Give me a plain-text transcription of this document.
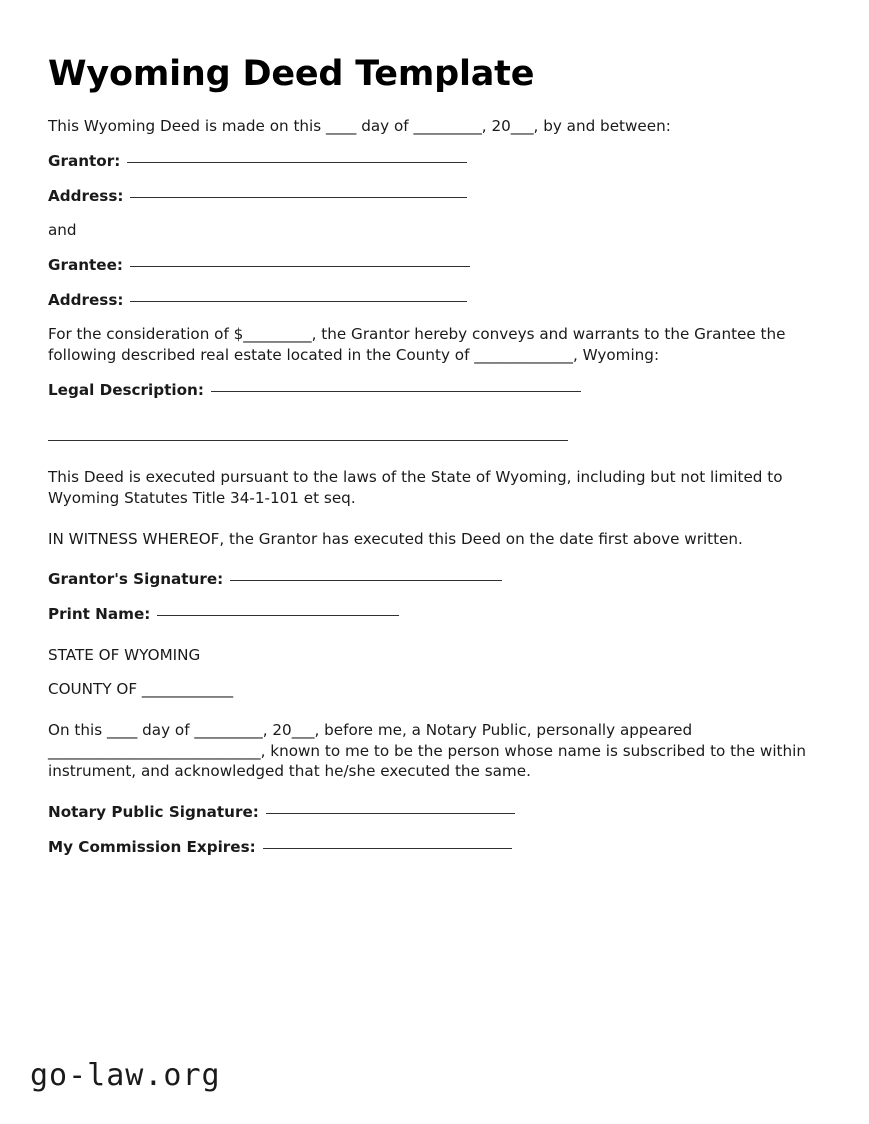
Wyoming Deed Template

This Wyoming Deed is made on this ____ day of _________, 20___, by and between:

Grantor:
Address:

and

Grantee:
Address:

For the consideration of $_________, the Grantor hereby conveys and warrants to the Grantee the following described real estate located in the County of _____________, Wyoming:

Legal Description:

This Deed is executed pursuant to the laws of the State of Wyoming, including but not limited to Wyoming Statutes Title 34-1-101 et seq.

IN WITNESS WHEREOF, the Grantor has executed this Deed on the date first above written.

Grantor's Signature:
Print Name:

STATE OF WYOMING

COUNTY OF ____________

On this ____ day of _________, 20___, before me, a Notary Public, personally appeared ____________________________, known to me to be the person whose name is subscribed to the within instrument, and acknowledged that he/she executed the same.

Notary Public Signature:
My Commission Expires:
go-law.org
